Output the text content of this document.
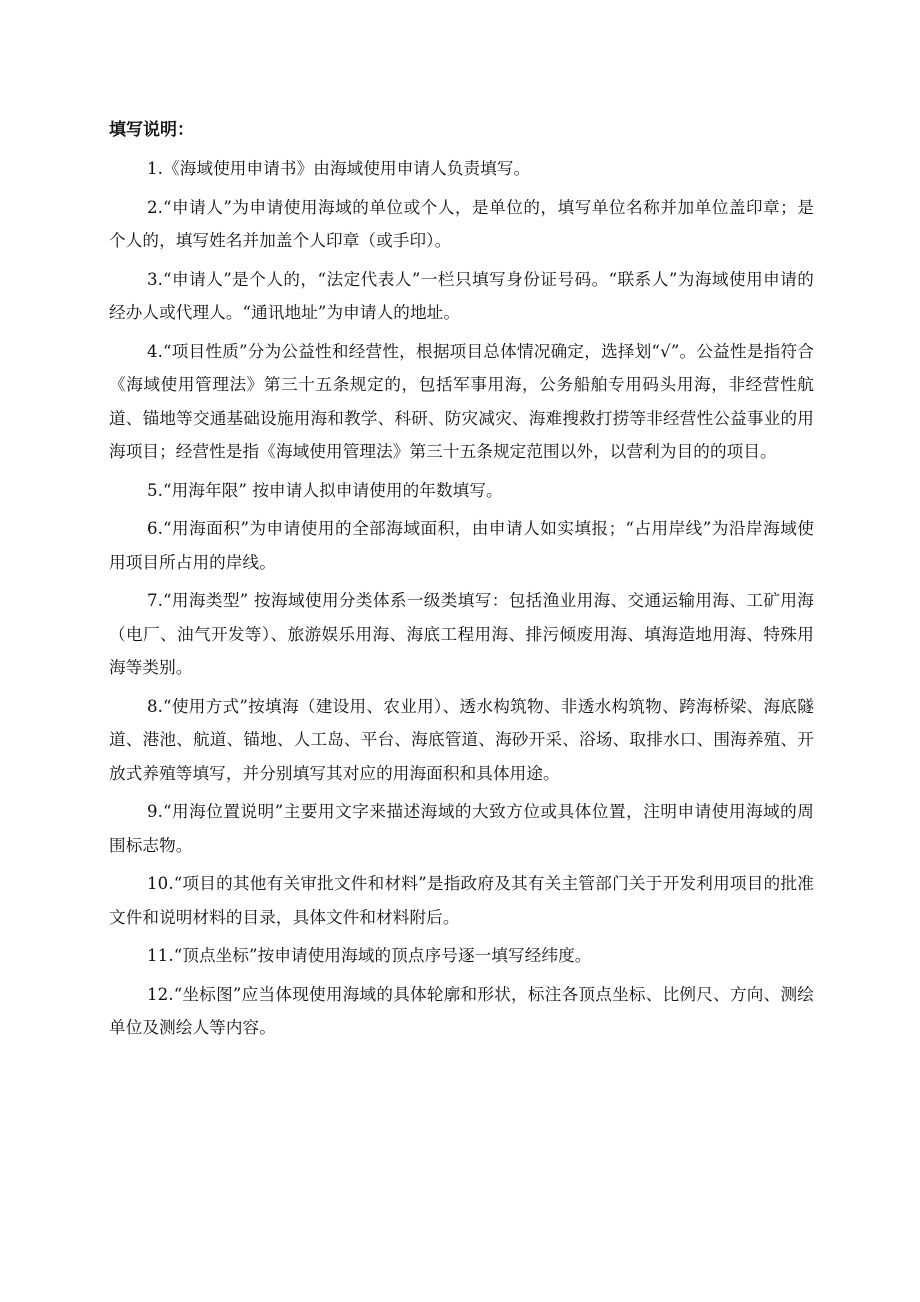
填写说明：

1.《海域使用申请书》由海域使用申请人负责填写。

2.“申请人”为申请使用海域的单位或个人，是单位的，填写单位名称并加单位盖印章；是个人的，填写姓名并加盖个人印章（或手印）。

3.“申请人”是个人的，“法定代表人”一栏只填写身份证号码。“联系人”为海域使用申请的经办人或代理人。“通讯地址”为申请人的地址。

4.“项目性质”分为公益性和经营性，根据项目总体情况确定，选择划“√”。公益性是指符合《海域使用管理法》第三十五条规定的，包括军事用海，公务船舶专用码头用海，非经营性航道、锚地等交通基础设施用海和教学、科研、防灾减灾、海难搜救打捞等非经营性公益事业的用海项目；经营性是指《海域使用管理法》第三十五条规定范围以外，以营利为目的的项目。

5.“用海年限” 按申请人拟申请使用的年数填写。

6.“用海面积”为申请使用的全部海域面积，由申请人如实填报；“占用岸线”为沿岸海域使用项目所占用的岸线。

7.“用海类型” 按海域使用分类体系一级类填写：包括渔业用海、交通运输用海、工矿用海（电厂、油气开发等）、旅游娱乐用海、海底工程用海、排污倾废用海、填海造地用海、特殊用海等类别。

8.“使用方式”按填海（建设用、农业用）、透水构筑物、非透水构筑物、跨海桥梁、海底隧道、港池、航道、锚地、人工岛、平台、海底管道、海砂开采、浴场、取排水口、围海养殖、开放式养殖等填写，并分别填写其对应的用海面积和具体用途。

9.“用海位置说明”主要用文字来描述海域的大致方位或具体位置，注明申请使用海域的周围标志物。

10.“项目的其他有关审批文件和材料”是指政府及其有关主管部门关于开发利用项目的批准文件和说明材料的目录，具体文件和材料附后。

11.“顶点坐标”按申请使用海域的顶点序号逐一填写经纬度。

12.“坐标图”应当体现使用海域的具体轮廓和形状，标注各顶点坐标、比例尺、方向、测绘单位及测绘人等内容。
